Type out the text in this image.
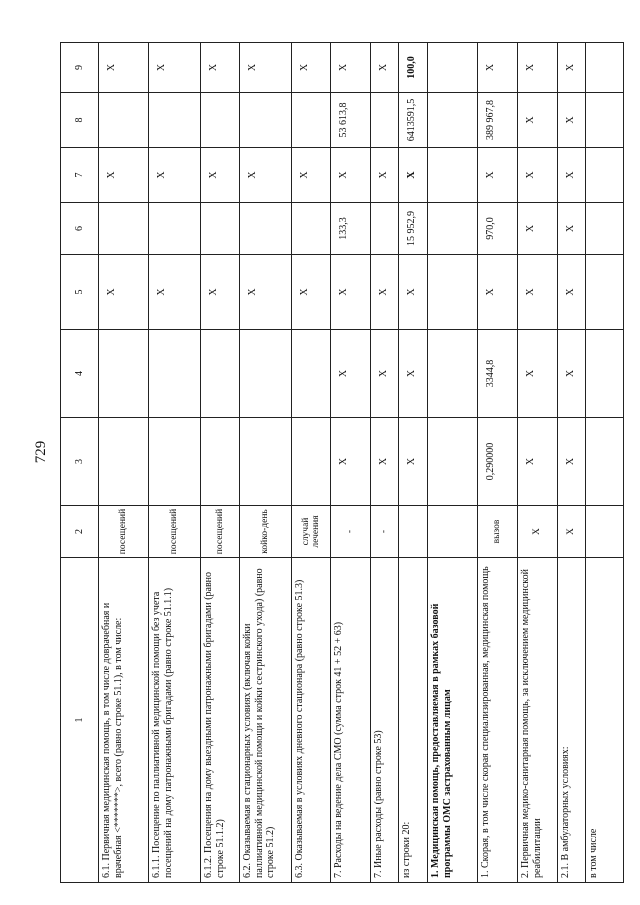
729
1	2	3	4	5	6	7	8	9
6.1. Первичная медицинская помощь, в том числе доврачебная и врачебная <*******>, всего (равно строке 51.1), в том числе:	посещений			X		X		X
6.1.1. Посещение по паллиативной медицинской помощи без учета посещений на дому патронажными бригадами (равно строке 51.1.1)	посещений			X		X		X
6.1.2. Посещения на дому выездными патронажными бригадами (равно строке 51.1.2)	посещений			X		X		X
6.2. Оказываемая в стационарных условиях (включая койки паллиативной медицинской помощи и койки сестринского ухода) (равно строке 51.2)	койко-день			X		X		X
6.3. Оказываемая в условиях дневного стационара (равно строке 51.3)	случай лечения			X		X		X
7. Расходы на ведение дела СМО (сумма строк 41 + 52 + 63)	-	X	X	X	133,3	X	53 613,8	X
7. Иные расходы (равно строке 53)	-	X	X	X		X		X
из строки 20:		X	X	X	15 952,9	X	6413591,5	100,0
1. Медицинская помощь, предоставляемая в рамках базовой программы ОМС застрахованным лицам								
1. Скорая, в том числе скорая специализированная, медицинская помощь	вызов	0,290000	3344,8	X	970,0	X	389 967,8	X
2. Первичная медико-санитарная помощь, за исключением медицинской реабилитации	X	X	X	X	X	X	X	X
2.1. В амбулаторных условиях:	X	X	X	X	X	X	X	X
в том числе								
